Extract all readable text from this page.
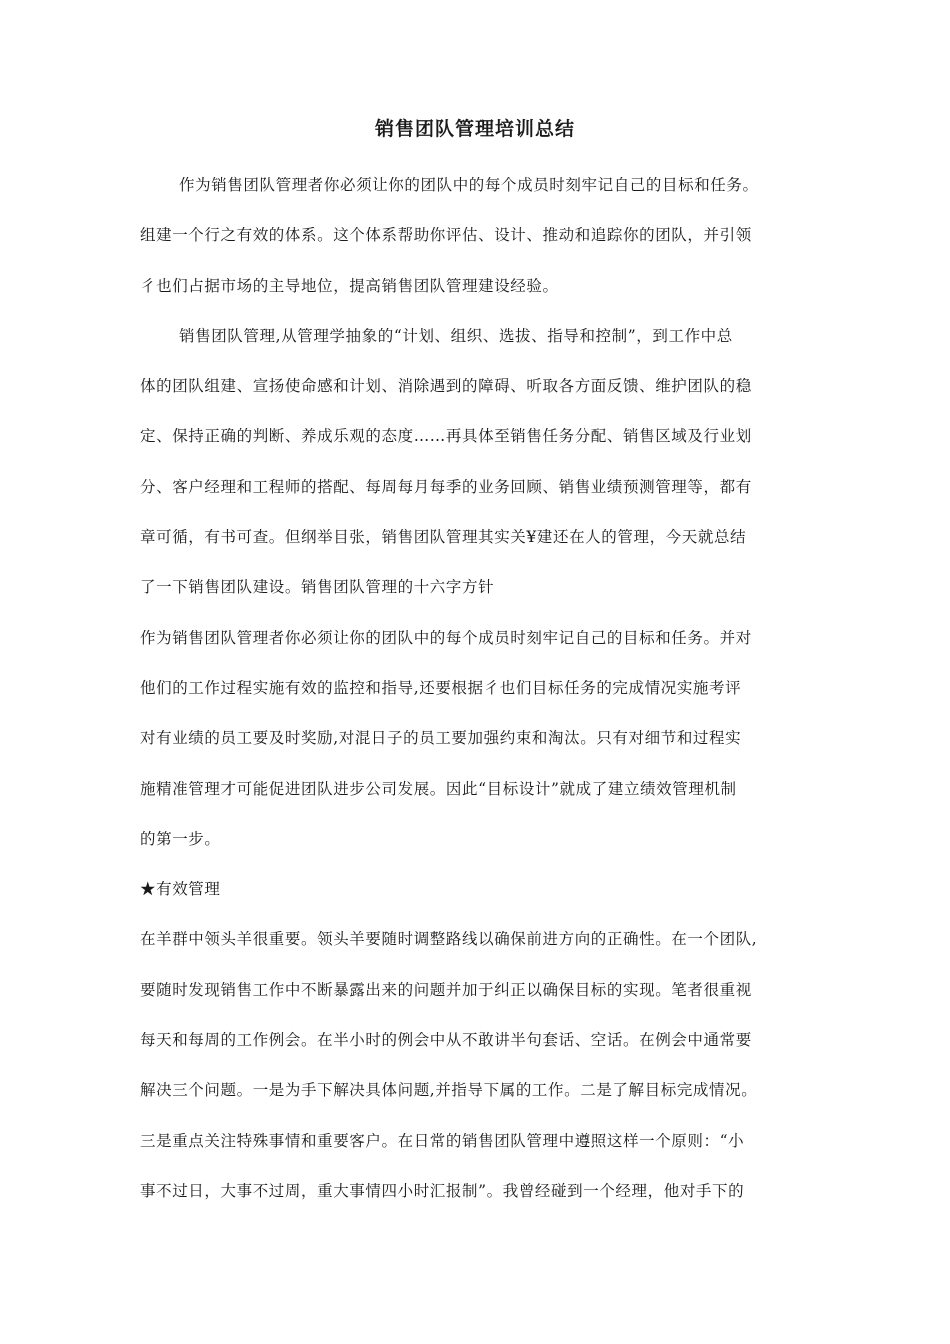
销售团队管理培训总结
作为销售团队管理者你必须让你的团队中的每个成员时刻牢记自己的目标和任务。
组建一个行之有效的体系。这个体系帮助你评估、设计、推动和追踪你的团队，并引领
彳也们占据市场的主导地位，提高销售团队管理建设经验。
销售团队管理,从管理学抽象的“计划、组织、选拔、指导和控制”，到工作中总
体的团队组建、宣扬使命感和计划、消除遇到的障碍、听取各方面反馈、维护团队的稳
定、保持正确的判断、养成乐观的态度……再具体至销售任务分配、销售区域及行业划
分、客户经理和工程师的搭配、每周每月每季的业务回顾、销售业绩预测管理等，都有
章可循，有书可查。但纲举目张，销售团队管理其实关¥建还在人的管理，今天就总结
了一下销售团队建设。销售团队管理的十六字方针
作为销售团队管理者你必须让你的团队中的每个成员时刻牢记自己的目标和任务。并对
他们的工作过程实施有效的监控和指导,还要根据彳也们目标任务的完成情况实施考评
对有业绩的员工要及时奖励,对混日子的员工要加强约束和淘汰。只有对细节和过程实
施精准管理才可能促进团队进步公司发展。因此“目标设计”就成了建立绩效管理机制
的第一步。
★有效管理
在羊群中领头羊很重要。领头羊要随时调整路线以确保前进方向的正确性。在一个团队,
要随时发现销售工作中不断暴露出来的问题并加于纠正以确保目标的实现。笔者很重视
每天和每周的工作例会。在半小时的例会中从不敢讲半句套话、空话。在例会中通常要
解决三个问题。一是为手下解决具体问题,并指导下属的工作。二是了解目标完成情况。
三是重点关注特殊事情和重要客户。在日常的销售团队管理中遵照这样一个原则：“小
事不过日，大事不过周，重大事情四小时汇报制”。我曾经碰到一个经理，他对手下的
